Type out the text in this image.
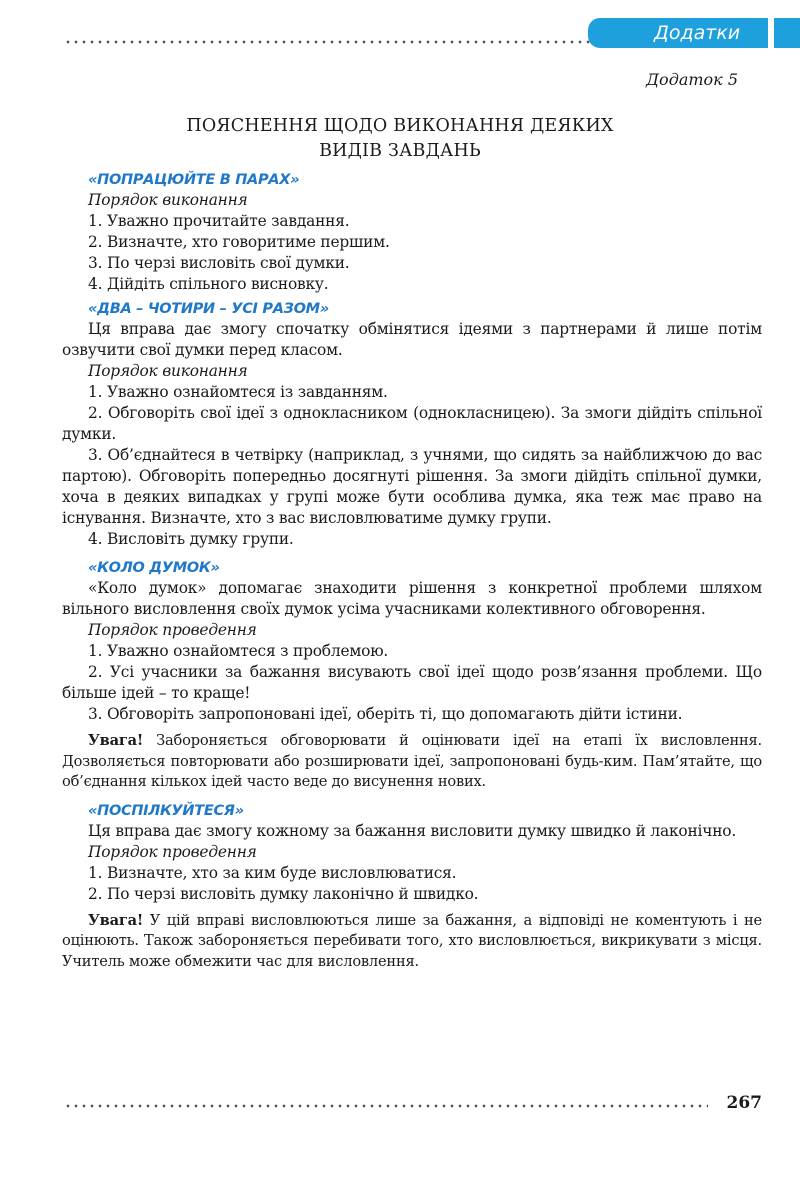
Додатки
Додаток 5
ПОЯСНЕННЯ ЩОДО ВИКОНАННЯ ДЕЯКИХ
ВИДІВ ЗАВДАНЬ
«ПОПРАЦЮЙТЕ В ПАРАХ»
Порядок виконання
1. Уважно прочитайте завдання.
2. Визначте, хто говоритиме першим.
3. По черзі висловіть свої думки.
4. Дійдіть спільного висновку.
«ДВА – ЧОТИРИ – УСІ РАЗОМ»
Ця вправа дає змогу спочатку обмінятися ідеями з партнерами й лише потім озвучити свої думки перед класом.
Порядок виконання
1. Уважно ознайомтеся із завданням.
2. Обговоріть свої ідеї з однокласником (однокласницею). За змоги дійдіть спільної думки.
3. Об’єднайтеся в четвірку (наприклад, з учнями, що сидять за найближчою до вас партою). Обговоріть попередньо досягнуті рішення. За змоги дійдіть спільної думки, хоча в деяких випадках у групі може бути особлива думка, яка теж має право на існування. Визначте, хто з вас висловлюватиме думку групи.
4. Висловіть думку групи.
«КОЛО ДУМОК»
«Коло думок» допомагає знаходити рішення з конкретної проблеми шляхом вільного висловлення своїх думок усіма учасниками колективного обговорення.
Порядок проведення
1. Уважно ознайомтеся з проблемою.
2. Усі учасники за бажання висувають свої ідеї щодо розв’язання проблеми. Що більше ідей – то краще!
3. Обговоріть запропоновані ідеї, оберіть ті, що допомагають дійти істини.
Увага! Забороняється обговорювати й оцінювати ідеї на етапі їх висловлення. Дозволяється повторювати або розширювати ідеї, запропоновані будь-ким. Пам’ятайте, що об’єднання кількох ідей часто веде до висунення нових.
«ПОСПІЛКУЙТЕСЯ»
Ця вправа дає змогу кожному за бажання висловити думку швидко й лаконічно.
Порядок проведення
1. Визначте, хто за ким буде висловлюватися.
2. По черзі висловіть думку лаконічно й швидко.
Увага! У цій вправі висловлюються лише за бажання, а відповіді не коментують і не оцінюють. Також забороняється перебивати того, хто висловлюється, викрикувати з місця. Учитель може обмежити час для висловлення.
267
